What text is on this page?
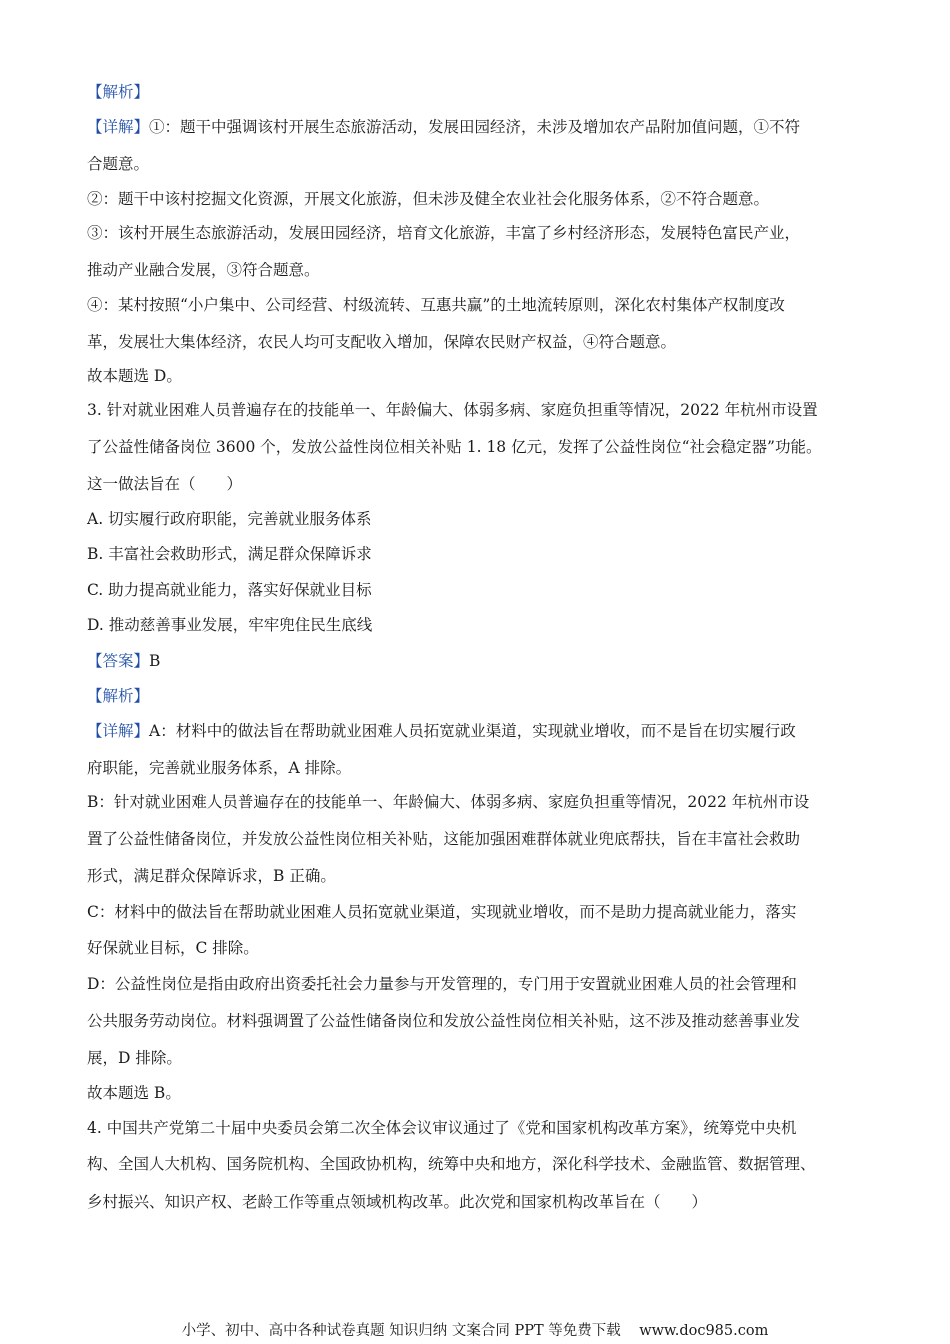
【解析】
【详解】①：题干中强调该村开展生态旅游活动，发展田园经济，未涉及增加农产品附加值问题，①不符
合题意。
②：题干中该村挖掘文化资源，开展文化旅游，但未涉及健全农业社会化服务体系，②不符合题意。
③：该村开展生态旅游活动，发展田园经济，培育文化旅游，丰富了乡村经济形态，发展特色富民产业，
推动产业融合发展，③符合题意。
④：某村按照“小户集中、公司经营、村级流转、互惠共赢”的土地流转原则，深化农村集体产权制度改
革，发展壮大集体经济，农民人均可支配收入增加，保障农民财产权益，④符合题意。
故本题选 D。
3. 针对就业困难人员普遍存在的技能单一、年龄偏大、体弱多病、家庭负担重等情况，2022 年杭州市设置
了公益性储备岗位 3600 个，发放公益性岗位相关补贴 1. 18 亿元，发挥了公益性岗位“社会稳定器”功能。
这一做法旨在（　　）
A. 切实履行政府职能，完善就业服务体系
B. 丰富社会救助形式，满足群众保障诉求
C. 助力提高就业能力，落实好保就业目标
D. 推动慈善事业发展，牢牢兜住民生底线
【答案】B
【解析】
【详解】A：材料中的做法旨在帮助就业困难人员拓宽就业渠道，实现就业增收，而不是旨在切实履行政
府职能，完善就业服务体系，A 排除。
B：针对就业困难人员普遍存在的技能单一、年龄偏大、体弱多病、家庭负担重等情况，2022 年杭州市设
置了公益性储备岗位，并发放公益性岗位相关补贴，这能加强困难群体就业兜底帮扶，旨在丰富社会救助
形式，满足群众保障诉求，B 正确。
C：材料中的做法旨在帮助就业困难人员拓宽就业渠道，实现就业增收，而不是助力提高就业能力，落实
好保就业目标，C 排除。
D：公益性岗位是指由政府出资委托社会力量参与开发管理的，专门用于安置就业困难人员的社会管理和
公共服务劳动岗位。材料强调置了公益性储备岗位和发放公益性岗位相关补贴，这不涉及推动慈善事业发
展，D 排除。
故本题选 B。
4. 中国共产党第二十届中央委员会第二次全体会议审议通过了《党和国家机构改革方案》，统筹党中央机
构、全国人大机构、国务院机构、全国政协机构，统筹中央和地方，深化科学技术、金融监管、数据管理、
乡村振兴、知识产权、老龄工作等重点领域机构改革。此次党和国家机构改革旨在（　　）
小学、初中、高中各种试卷真题 知识归纳 文案合同 PPT 等免费下载 www.doc985.com
